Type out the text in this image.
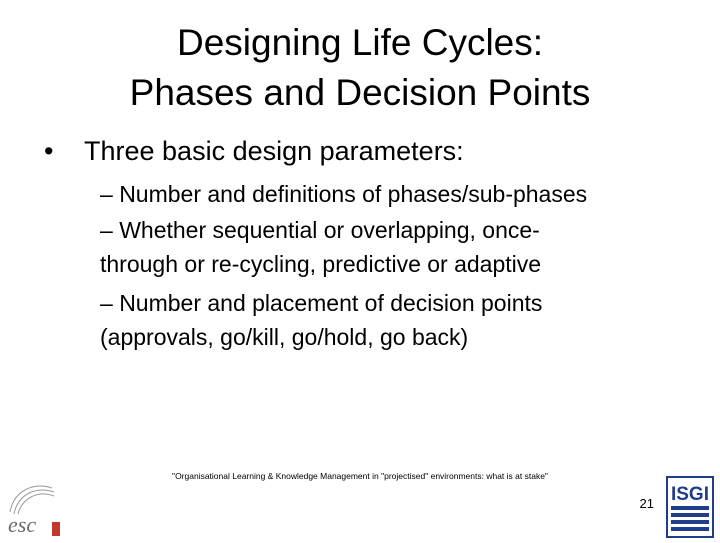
Designing Life Cycles:
Phases and Decision Points
• Three basic design parameters:
– Number and definitions of phases/sub-phases
– Whether sequential or overlapping, once-
through or re-cycling, predictive or adaptive
– Number and placement of decision points
(approvals, go/kill, go/hold, go back)
"Organisational Learning & Knowledge Management in "projectised" environments: what is at stake"
21
esc
ISGI
